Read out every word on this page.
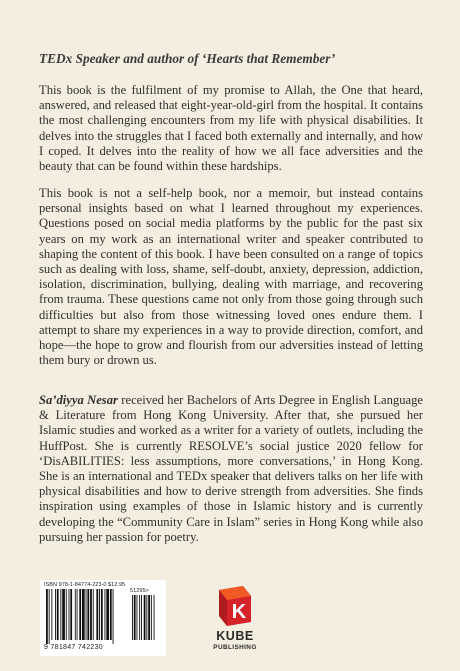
TEDx Speaker and author of ‘Hearts that Remember’

This book is the fulfilment of my promise to Allah, the One that heard, answered, and released that eight-year-old-girl from the hospital. It contains the most challenging encounters from my life with physical disabilities. It delves into the struggles that I faced both externally and internally, and how I coped. It delves into the reality of how we all face adversities and the beauty that can be found within these hardships.

This book is not a self-help book, nor a memoir, but instead contains personal insights based on what I learned throughout my experiences. Questions posed on social media platforms by the public for the past six years on my work as an international writer and speaker contributed to shaping the content of this book. I have been consulted on a range of topics such as dealing with loss, shame, self-doubt, anxiety, depression, addiction, isolation, discrimination, bullying, dealing with marriage, and recovering from trauma. These questions came not only from those going through such difficulties but also from those witnessing loved ones endure them. I attempt to share my experiences in a way to provide direction, comfort, and hope—the hope to grow and flourish from our adversities instead of letting them bury or drown us.

Sa’diyya Nesar received her Bachelors of Arts Degree in English Language & Literature from Hong Kong University. After that, she pursued her Islamic studies and worked as a writer for a variety of outlets, including the HuffPost. She is currently RESOLVE’s social justice 2020 fellow for ‘DisABILITIES: less assumptions, more conversations,’ in Hong Kong. She is an international and TEDx speaker that delivers talks on her life with physical disabilities and how to derive strength from adversities. She finds inspiration using examples of those in Islamic history and is currently developing the “Community Care in Islam” series in Hong Kong while also pursuing her passion for poetry.

ISBN 978-1-84774-223-0 $12.95
51295>
9 781847 742230
K
KUBE
PUBLISHING
